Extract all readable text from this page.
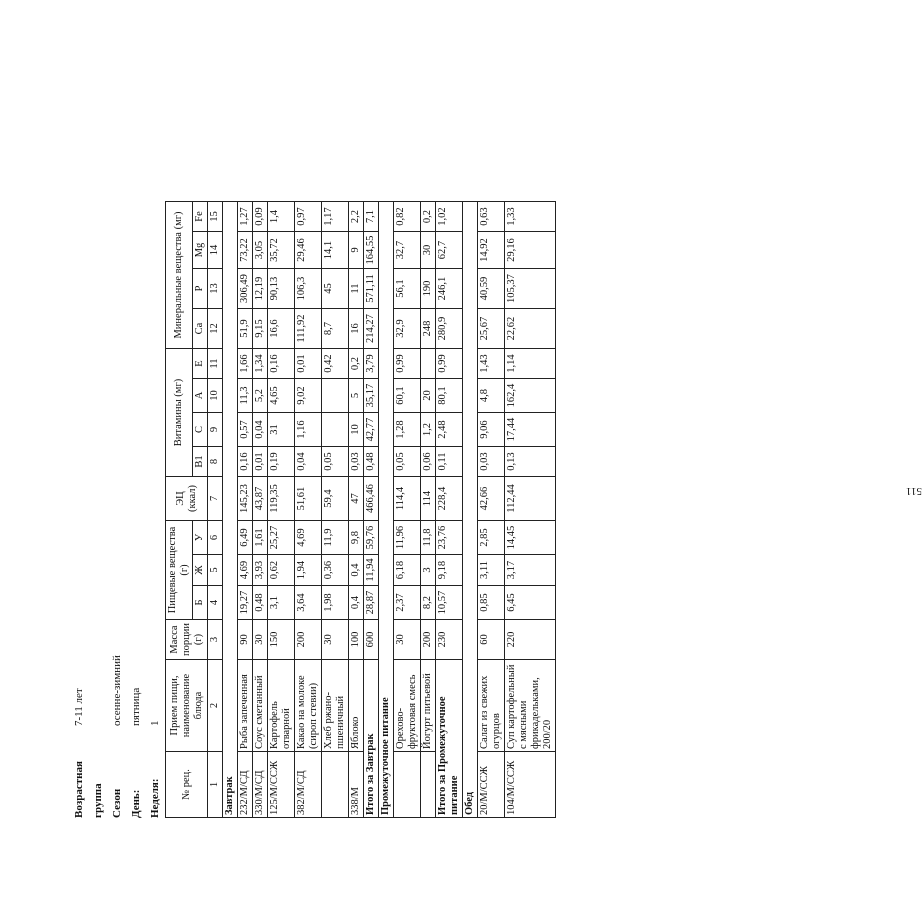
Возрастная группа
7-11 лет
Сезон
осенне-зимний
День:
пятница
Неделя:
1
№ рец.	Прием пищи, наименование блюда	Масса порции (г)	Пищевые вещества (г)			ЭЦ (ккал)	Витамины (мг)				Минеральные вещества (мг)			
			Б	Ж	У		B1	C	A	E	Ca	P	Mg	Fe
1	2	3	4	5	6	7	8	9	10	11	12	13	14	15
Завтрак														
232/М/СД	Рыба запеченная	90	19,27	4,69	6,49	145,23	0,16	0,57	11,3	1,66	51,9	306,49	73,22	1,27
330/М/СД	Соус сметанный	30	0,48	3,93	1,61	43,87	0,01	0,04	5,2	1,34	9,15	12,19	3,05	0,09
125/М/ССЖ	Картофель отварной	150	3,1	0,62	25,27	119,35	0,19	31	4,65	0,16	16,6	90,13	35,72	1,4
382/М/СД	Какао на молоке (сироп стевии)	200	3,64	1,94	4,69	51,61	0,04	1,16	9,02	0,01	111,92	106,3	29,46	0,97
	Хлеб ржано-пшеничный	30	1,98	0,36	11,9	59,4	0,05			0,42	8,7	45	14,1	1,17
338/М	Яблоко	100	0,4	0,4	9,8	47	0,03	10	5	0,2	16	11	9	2,2
Итого за Завтрак		600	28,87	11,94	59,76	466,46	0,48	42,77	35,17	3,79	214,27	571,11	164,55	7,1
Промежуточное питание														
	Орехово-фруктовая смесь	30	2,37	6,18	11,96	114,4	0,05	1,28	60,1	0,99	32,9	56,1	32,7	0,82
	Йогурт питьевой	200	8,2	3	11,8	114	0,06	1,2	20		248	190	30	0,2
Итого за Промежуточное питание		230	10,57	9,18	23,76	228,4	0,11	2,48	80,1	0,99	280,9	246,1	62,7	1,02
Обед														
20/М/ССЖ	Салат из свежих огурцов	60	0,85	3,11	2,85	42,66	0,03	9,06	4,8	1,43	25,67	40,59	14,92	0,63
104/М/ССЖ	Суп картофельный с мясными фрикадельками, 200/20	220	6,45	3,17	14,45	112,44	0,13	17,44	162,4	1,14	22,62	105,37	29,16	1,33
511
